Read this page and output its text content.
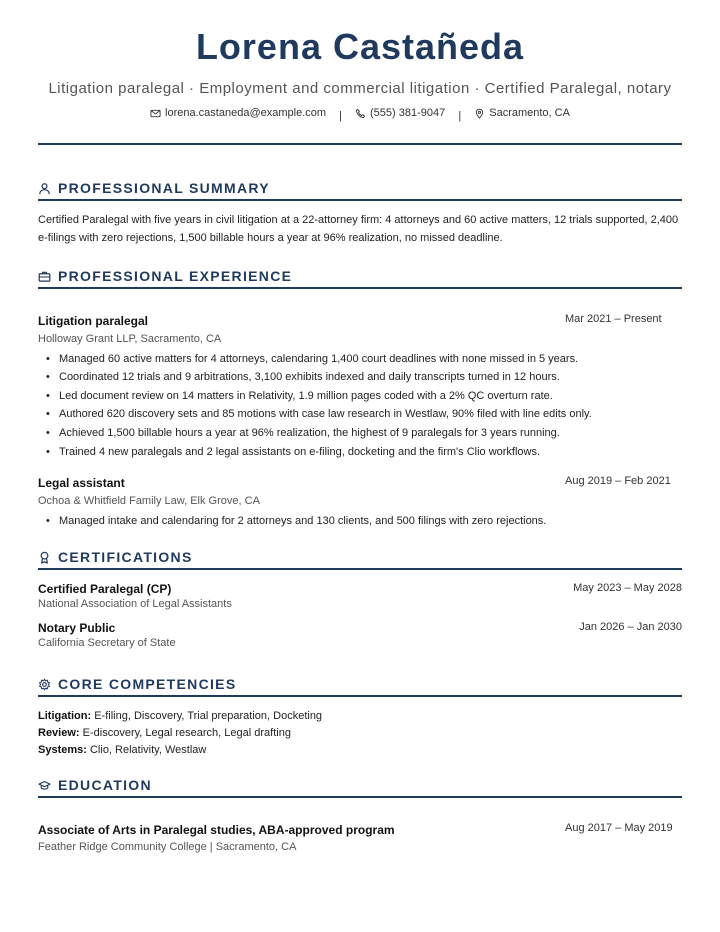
Lorena Castañeda
Litigation paralegal · Employment and commercial litigation · Certified Paralegal, notary
lorena.castaneda@example.com |	(555) 381-9047 |	Sacramento, CA
PROFESSIONAL SUMMARY
Certified Paralegal with five years in civil litigation at a 22-attorney firm: 4 attorneys and 60 active matters, 12 trials supported, 2,400 e-filings with zero rejections, 1,500 billable hours a year at 96% realization, no missed deadline.
PROFESSIONAL EXPERIENCE
Litigation paralegal	Mar 2021 – Present
Holloway Grant LLP, Sacramento, CA
• Managed 60 active matters for 4 attorneys, calendaring 1,400 court deadlines with none missed in 5 years.
• Coordinated 12 trials and 9 arbitrations, 3,100 exhibits indexed and daily transcripts turned in 12 hours.
• Led document review on 14 matters in Relativity, 1.9 million pages coded with a 2% QC overturn rate.
• Authored 620 discovery sets and 85 motions with case law research in Westlaw, 90% filed with line edits only.
• Achieved 1,500 billable hours a year at 96% realization, the highest of 9 paralegals for 3 years running.
• Trained 4 new paralegals and 2 legal assistants on e-filing, docketing and the firm's Clio workflows.
Legal assistant	Aug 2019 – Feb 2021
Ochoa & Whitfield Family Law, Elk Grove, CA
• Managed intake and calendaring for 2 attorneys and 130 clients, and 500 filings with zero rejections.
CERTIFICATIONS
Certified Paralegal (CP)	May 2023 – May 2028
National Association of Legal Assistants
Notary Public	Jan 2026 – Jan 2030
California Secretary of State
CORE COMPETENCIES
Litigation: E-filing, Discovery, Trial preparation, Docketing
Review: E-discovery, Legal research, Legal drafting
Systems: Clio, Relativity, Westlaw
EDUCATION
Associate of Arts in Paralegal studies, ABA-approved program	Aug 2017 – May 2019
Feather Ridge Community College | Sacramento, CA
